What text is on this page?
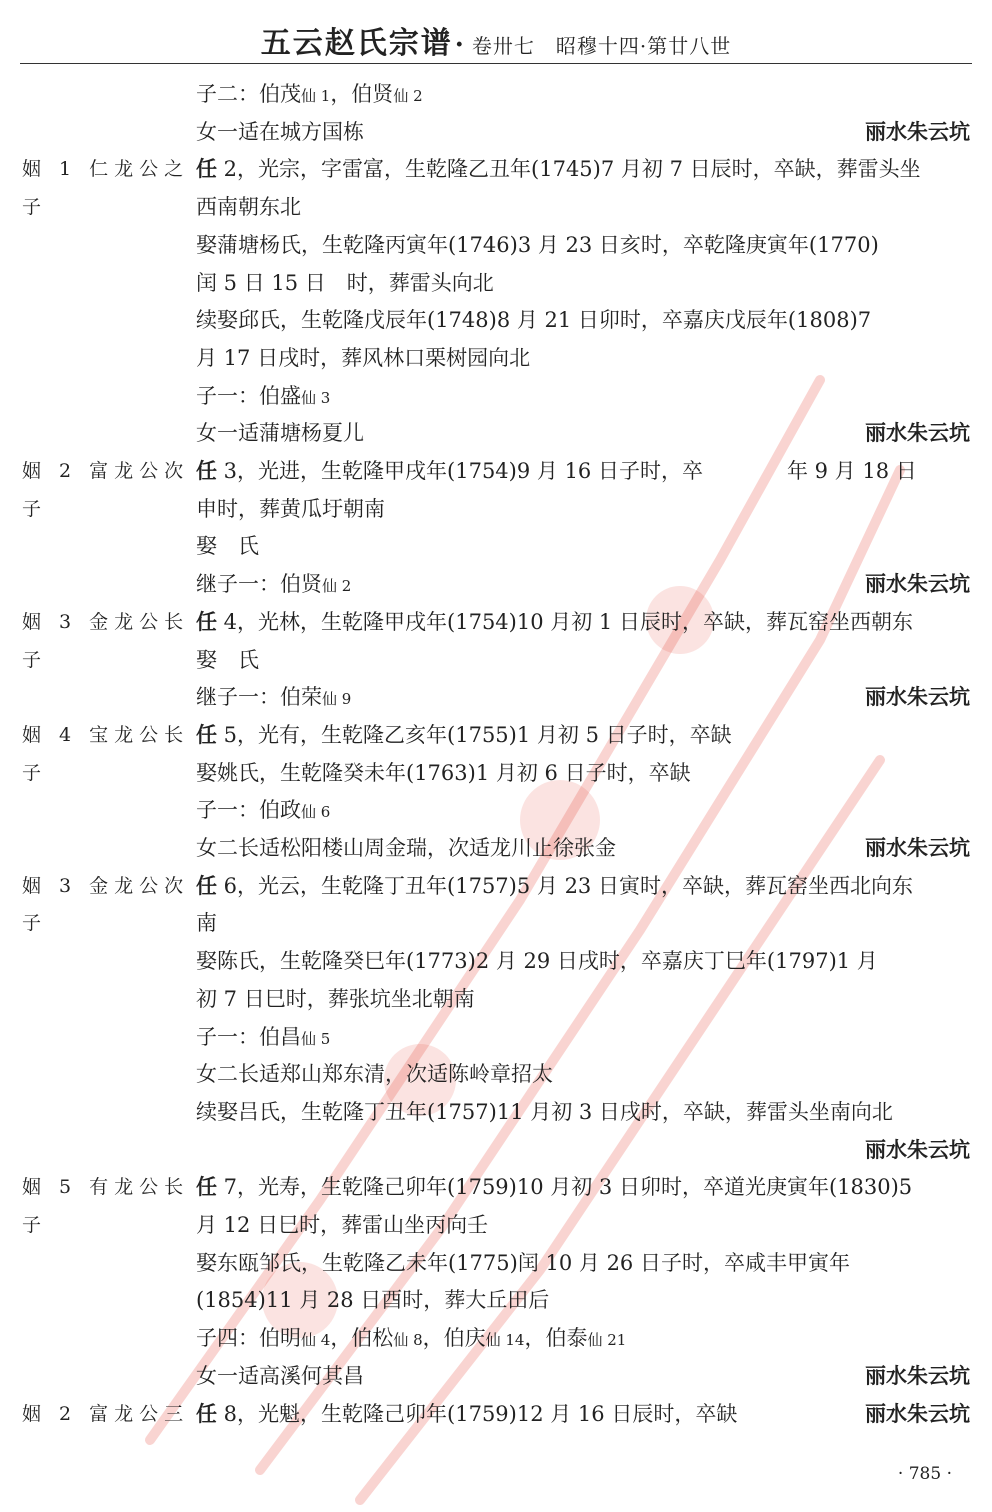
五云赵氏宗谱· 卷卅七　昭穆十四·第廿八世
子二：伯茂仙 1，伯贤仙 2
女一适在城方国栋	丽水朱云坑
姻 1 仁龙公之 任 2，光宗，字雷富，生乾隆乙丑年(1745)7 月初 7 日辰时，卒缺，葬雷头坐
子	西南朝东北
娶蒲塘杨氏，生乾隆丙寅年(1746)3 月 23 日亥时，卒乾隆庚寅年(1770)
闰 5 日 15 日　时，葬雷头向北
续娶邱氏，生乾隆戊辰年(1748)8 月 21 日卯时，卒嘉庆戊辰年(1808)7
月 17 日戌时，葬风林口栗树园向北
子一：伯盛仙 3
女一适蒲塘杨夏儿	丽水朱云坑
姻 2 富龙公次 任 3，光进，生乾隆甲戌年(1754)9 月 16 日子时，卒　　　　年 9 月 18 日
子	申时，葬黄瓜圩朝南
娶　氏
继子一：伯贤仙 2	丽水朱云坑
姻 3 金龙公长 任 4，光林，生乾隆甲戌年(1754)10 月初 1 日辰时，卒缺，葬瓦窑坐西朝东
子	娶　氏
继子一：伯荣仙 9	丽水朱云坑
姻 4 宝龙公长 任 5，光有，生乾隆乙亥年(1755)1 月初 5 日子时，卒缺
子	娶姚氏，生乾隆癸未年(1763)1 月初 6 日子时，卒缺
子一：伯政仙 6
女二长适松阳楼山周金瑞，次适龙川止徐张金	丽水朱云坑
姻 3 金龙公次 任 6，光云，生乾隆丁丑年(1757)5 月 23 日寅时，卒缺，葬瓦窑坐西北向东
子	南
娶陈氏，生乾隆癸巳年(1773)2 月 29 日戌时，卒嘉庆丁巳年(1797)1 月
初 7 日巳时，葬张坑坐北朝南
子一：伯昌仙 5
女二长适郑山郑东清，次适陈岭章招太
续娶吕氏，生乾隆丁丑年(1757)11 月初 3 日戌时，卒缺，葬雷头坐南向北
丽水朱云坑
姻 5 有龙公长 任 7，光寿，生乾隆己卯年(1759)10 月初 3 日卯时，卒道光庚寅年(1830)5
子	月 12 日巳时，葬雷山坐丙向壬
娶东瓯邹氏，生乾隆乙未年(1775)闰 10 月 26 日子时，卒咸丰甲寅年
(1854)11 月 28 日酉时，葬大丘田后
子四：伯明仙 4，伯松仙 8，伯庆仙 14，伯泰仙 21
女一适高溪何其昌	丽水朱云坑
姻 2 富龙公三 任 8，光魁，生乾隆己卯年(1759)12 月 16 日辰时，卒缺	丽水朱云坑
· 785 ·
